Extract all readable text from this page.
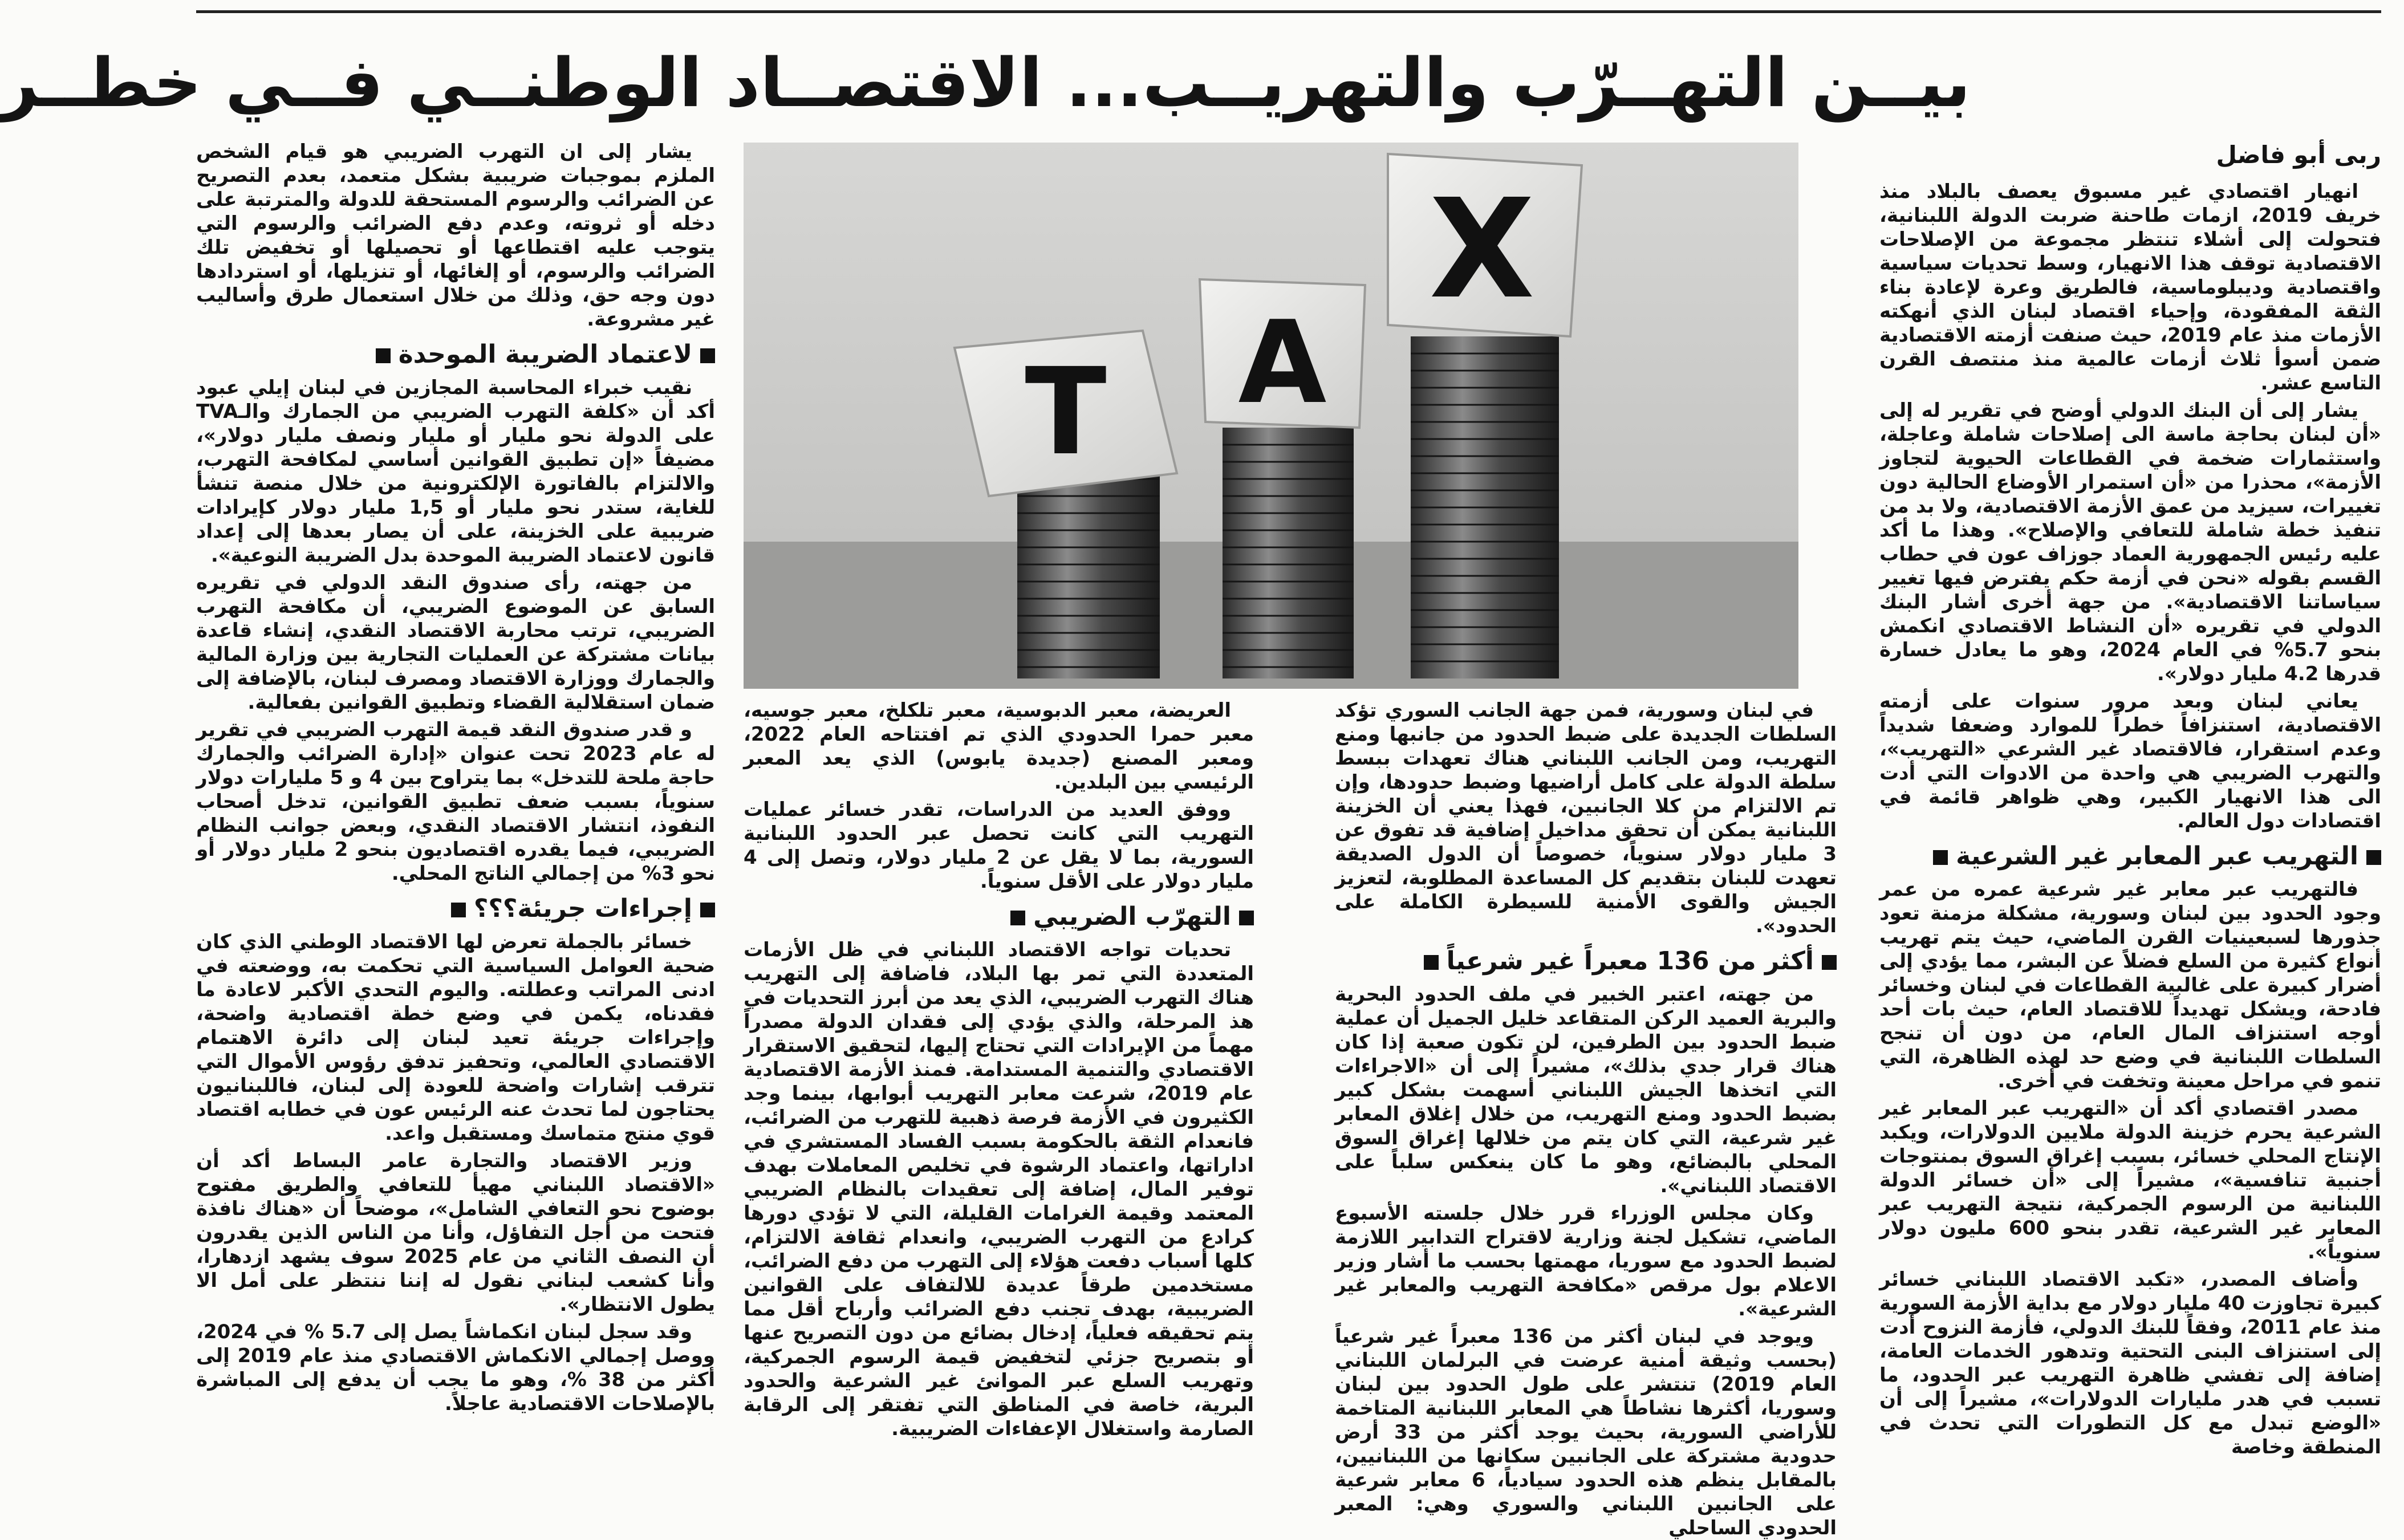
بيــن التهــرّب والتهريــب... الاقتصــاد الوطنــي فــي خطــر
ربى أبو فاضل

انهيار اقتصادي غير مسبوق يعصف بالبلاد منذ خريف 2019، ازمات طاحنة ضربت الدولة اللبنانية، فتحولت إلى أشلاء تنتظر مجموعة من الإصلاحات الاقتصادية توقف هذا الانهيار، وسط تحديات سياسية واقتصادية وديبلوماسية، فالطريق وعرة لإعادة بناء الثقة المفقودة، وإحياء اقتصاد لبنان الذي أنهكته الأزمات منذ عام 2019، حيث صنفت أزمته الاقتصادية ضمن أسوأ ثلاث أزمات عالمية منذ منتصف القرن التاسع عشر.

يشار إلى أن البنك الدولي أوضح في تقرير له إلى «أن لبنان بحاجة ماسة الى إصلاحات شاملة وعاجلة، واستثمارات ضخمة في القطاعات الحيوية لتجاوز الأزمة»، محذرا من «أن استمرار الأوضاع الحالية دون تغييرات، سيزيد من عمق الأزمة الاقتصادية، ولا بد من تنفيذ خطة شاملة للتعافي والإصلاح». وهذا ما أكد عليه رئيس الجمهورية العماد جوزاف عون في حطاب القسم بقوله «نحن في أزمة حكم يفترض فيها تغيير سياساتنا الاقتصادية». من جهة أخرى أشار البنك الدولي في تقريره «أن النشاط الاقتصادي انكمش بنحو 5.7% في العام 2024، وهو ما يعادل خسارة قدرها 4.2 مليار دولار».

يعاني لبنان وبعد مرور سنوات على أزمته الاقتصادية، استنزافاً خطراً للموارد وضعفا شديداً وعدم استقرار، فالاقتصاد غير الشرعي «التهريب»، والتهرب الضريبي هي واحدة من الادوات التي أدت الى هذا الانهيار الكبير، وهي ظواهر قائمة في اقتصادات دول العالم.

التهريب عبر المعابر غير الشرعية

فالتهريب عبر معابر غير شرعية عمره من عمر وجود الحدود بين لبنان وسورية، مشكلة مزمنة تعود جذورها لسبعينيات القرن الماضي، حيث يتم تهريب أنواع كثيرة من السلع فضلاً عن البشر، مما يؤدي إلى أضرار كبيرة على غالبية القطاعات في لبنان وخسائر فادحة، ويشكل تهديداً للاقتصاد العام، حيث بات أحد أوجه استنزاف المال العام، من دون أن تنجح السلطات اللبنانية في وضع حد لهذه الظاهرة، التي تنمو في مراحل معينة وتخفت في أخرى.

مصدر اقتصادي أكد أن «التهريب عبر المعابر غير الشرعية يحرم خزينة الدولة ملايين الدولارات، ويكبد الإنتاج المحلي خسائر، بسبب إغراق السوق بمنتوجات أجنبية تنافسية»، مشيراً إلى «أن خسائر الدولة اللبنانية من الرسوم الجمركية، نتيجة التهريب عبر المعابر غير الشرعية، تقدر بنحو 600 مليون دولار سنوياً».

وأضاف المصدر، «تكبد الاقتصاد اللبناني خسائر كبيرة تجاوزت 40 مليار دولار مع بداية الأزمة السورية منذ عام 2011، وفقاً للبنك الدولي، فأزمة النزوح أدت إلى استنزاف البنى التحتية وتدهور الخدمات العامة، إضافة إلى تفشي ظاهرة التهريب عبر الحدود، ما تسبب في هدر مليارات الدولارات»، مشيراً إلى أن «الوضع تبدل مع كل التطورات التي تحدث في المنطقة وخاصة

T A
X

في لبنان وسورية، فمن جهة الجانب السوري تؤكد السلطات الجديدة على ضبط الحدود من جانبها ومنع التهريب، ومن الجانب اللبناني هناك تعهدات ببسط سلطة الدولة على كامل أراضيها وضبط حدودها، وإن تم الالتزام من كلا الجانبين، فهذا يعني أن الخزينة اللبنانية يمكن أن تحقق مداخيل إضافية قد تفوق عن 3 مليار دولار سنوياً، خصوصاً أن الدول الصديقة تعهدت للبنان بتقديم كل المساعدة المطلوبة، لتعزيز الجيش والقوى الأمنية للسيطرة الكاملة على الحدود».

أكثر من 136 معبراً غير شرعياً

من جهته، اعتبر الخبير في ملف الحدود البحرية والبرية العميد الركن المتقاعد خليل الجميل أن عملية ضبط الحدود بين الطرفين، لن تكون صعبة إذا كان هناك قرار جدي بذلك»، مشيراً إلى أن «الاجراءات التي اتخذها الجيش اللبناني أسهمت بشكل كبير بضبط الحدود ومنع التهريب، من خلال إغلاق المعابر غير شرعية، التي كان يتم من خلالها إغراق السوق المحلي بالبضائع، وهو ما كان ينعكس سلباً على الاقتصاد اللبناني».

وكان مجلس الوزراء قرر خلال جلسته الأسبوع الماضي، تشكيل لجنة وزارية لاقتراح التدابير اللازمة لضبط الحدود مع سوريا، مهمتها بحسب ما أشار وزير الاعلام بول مرقص «مكافحة التهريب والمعابر غير الشرعية».

ويوجد في لبنان أكثر من 136 معبراً غير شرعياً (بحسب وثيقة أمنية عرضت في البرلمان اللبناني العام 2019) تنتشر على طول الحدود بين لبنان وسوريا، أكثرها نشاطاً هي المعابر اللبنانية المتاخمة للأراضي السورية، بحيث يوجد أكثر من 33 أرض حدودية مشتركة على الجانبين سكانها من اللبنانيين، بالمقابل ينظم هذه الحدود سيادياً، 6 معابر شرعية على الجانبين اللبناني والسوري وهي: المعبر الحدودي الساحلي

العريضة، معبر الدبوسية، معبر تلكلخ، معبر جوسيه، معبر حمرا الحدودي الذي تم افتتاحه العام 2022، ومعبر المصنع (جديدة يابوس) الذي يعد المعبر الرئيسي بين البلدين.

ووفق العديد من الدراسات، تقدر خسائر عمليات التهريب التي كانت تحصل عبر الحدود اللبنانية السورية، بما لا يقل عن 2 مليار دولار، وتصل إلى 4 مليار دولار على الأقل سنوياً.

التهرّب الضريبي

تحديات تواجه الاقتصاد اللبناني في ظل الأزمات المتعددة التي تمر بها البلاد، فاضافة إلى التهريب هناك التهرب الضريبي، الذي يعد من أبرز التحديات في هذ المرحلة، والذي يؤدي إلى فقدان الدولة مصدراً مهماً من الإيرادات التي تحتاج إليها، لتحقيق الاستقرار الاقتصادي والتنمية المستدامة. فمنذ الأزمة الاقتصادية عام 2019، شرعت معابر التهريب أبوابها، بينما وجد الكثيرون في الأزمة فرصة ذهبية للتهرب من الضرائب، فانعدام الثقة بالحكومة بسبب الفساد المستشري في اداراتها، واعتماد الرشوة في تخليص المعاملات بهدف توفير المال، إضافة إلى تعقيدات بالنظام الضريبي المعتمد وقيمة الغرامات القليلة، التي لا تؤدي دورها كرادع من التهرب الضريبي، وانعدام ثقافة الالتزام، كلها أسباب دفعت هؤلاء إلى التهرب من دفع الضرائب، مستخدمين طرقاً عديدة للالتفاف على القوانين الضريبية، بهدف تجنب دفع الضرائب وأرباح أقل مما يتم تحقيقه فعلياً، إدخال بضائع من دون التصريح عنها أو بتصريح جزئي لتخفيض قيمة الرسوم الجمركية، وتهريب السلع عبر الموانئ غير الشرعية والحدود البرية، خاصة في المناطق التي تفتقر إلى الرقابة الصارمة واستغلال الإعفاءات الضريبية.

يشار إلى ان التهرب الضريبي هو قيام الشخص الملزم بموجبات ضريبية بشكل متعمد، بعدم التصريح عن الضرائب والرسوم المستحقة للدولة والمترتبة على دخله أو ثروته، وعدم دفع الضرائب والرسوم التي يتوجب عليه اقتطاعها أو تحصيلها أو تخفيض تلك الضرائب والرسوم، أو إلغائها، أو تنزيلها، أو استردادها دون وجه حق، وذلك من خلال استعمال طرق وأساليب غير مشروعة.

لاعتماد الضريبة الموحدة

نقيب خبراء المحاسبة المجازين في لبنان إيلي عبود أكد أن «كلفة التهرب الضريبي من الجمارك والـTVA على الدولة نحو مليار أو مليار ونصف مليار دولار»، مضيفاً «إن تطبيق القوانين أساسي لمكافحة التهرب، والالتزام بالفاتورة الإلكترونية من خلال منصة تنشأ للغاية، ستدر نحو مليار أو 1,5 مليار دولار كإيرادات ضريبية على الخزينة، على أن يصار بعدها إلى إعداد قانون لاعتماد الضريبة الموحدة بدل الضريبة النوعية».

من جهته، رأى صندوق النقد الدولي في تقريره السابق عن الموضوع الضريبي، أن مكافحة التهرب الضريبي، ترتب محاربة الاقتصاد النقدي، إنشاء قاعدة بيانات مشتركة عن العمليات التجارية بين وزارة المالية والجمارك ووزارة الاقتصاد ومصرف لبنان، بالإضافة إلى ضمان استقلالية القضاء وتطبيق القوانين بفعالية.

و قدر صندوق النقد قيمة التهرب الضريبي في تقرير له عام 2023 تحت عنوان «إدارة الضرائب والجمارك حاجة ملحة للتدخل» بما يتراوح بين 4 و 5 مليارات دولار سنوياً، بسبب ضعف تطبيق القوانين، تدخل أصحاب النفوذ، انتشار الاقتصاد النقدي، وبعض جوانب النظام الضريبي، فيما يقدره اقتصاديون بنحو 2 مليار دولار أو نحو 3% من إجمالي الناتج المحلي.

إجراءات جريئة؟؟؟

خسائر بالجملة تعرض لها الاقتصاد الوطني الذي كان ضحية العوامل السياسية التي تحكمت به، ووضعته في ادنى المراتب وعطلته. واليوم التحدي الأكبر لاعادة ما فقدناه، يكمن في وضع خطة اقتصادية واضحة، وإجراءات جريئة تعيد لبنان إلى دائرة الاهتمام الاقتصادي العالمي، وتحفيز تدفق رؤوس الأموال التي تترقب إشارات واضحة للعودة إلى لبنان، فاللبنانيون يحتاجون لما تحدث عنه الرئيس عون في خطابه اقتصاد قوي منتج متماسك ومستقبل واعد.

وزير الاقتصاد والتجارة عامر البساط أكد أن «الاقتصاد اللبناني مهيأ للتعافي والطريق مفتوح بوضوح نحو التعافي الشامل»، موضحاً أن «هناك نافذة فتحت من أجل التفاؤل، وأنا من الناس الذين يقدرون أن النصف الثاني من عام 2025 سوف يشهد ازدهارا، وأنا كشعب لبناني نقول له إننا ننتظر على أمل الا يطول الانتظار».

وقد سجل لبنان انكماشاً يصل إلى 5.7 % في 2024، ووصل إجمالي الانكماش الاقتصادي منذ عام 2019 إلى أكثر من 38 %، وهو ما يجب أن يدفع إلى المباشرة بالإصلاحات الاقتصادية عاجلاً.
